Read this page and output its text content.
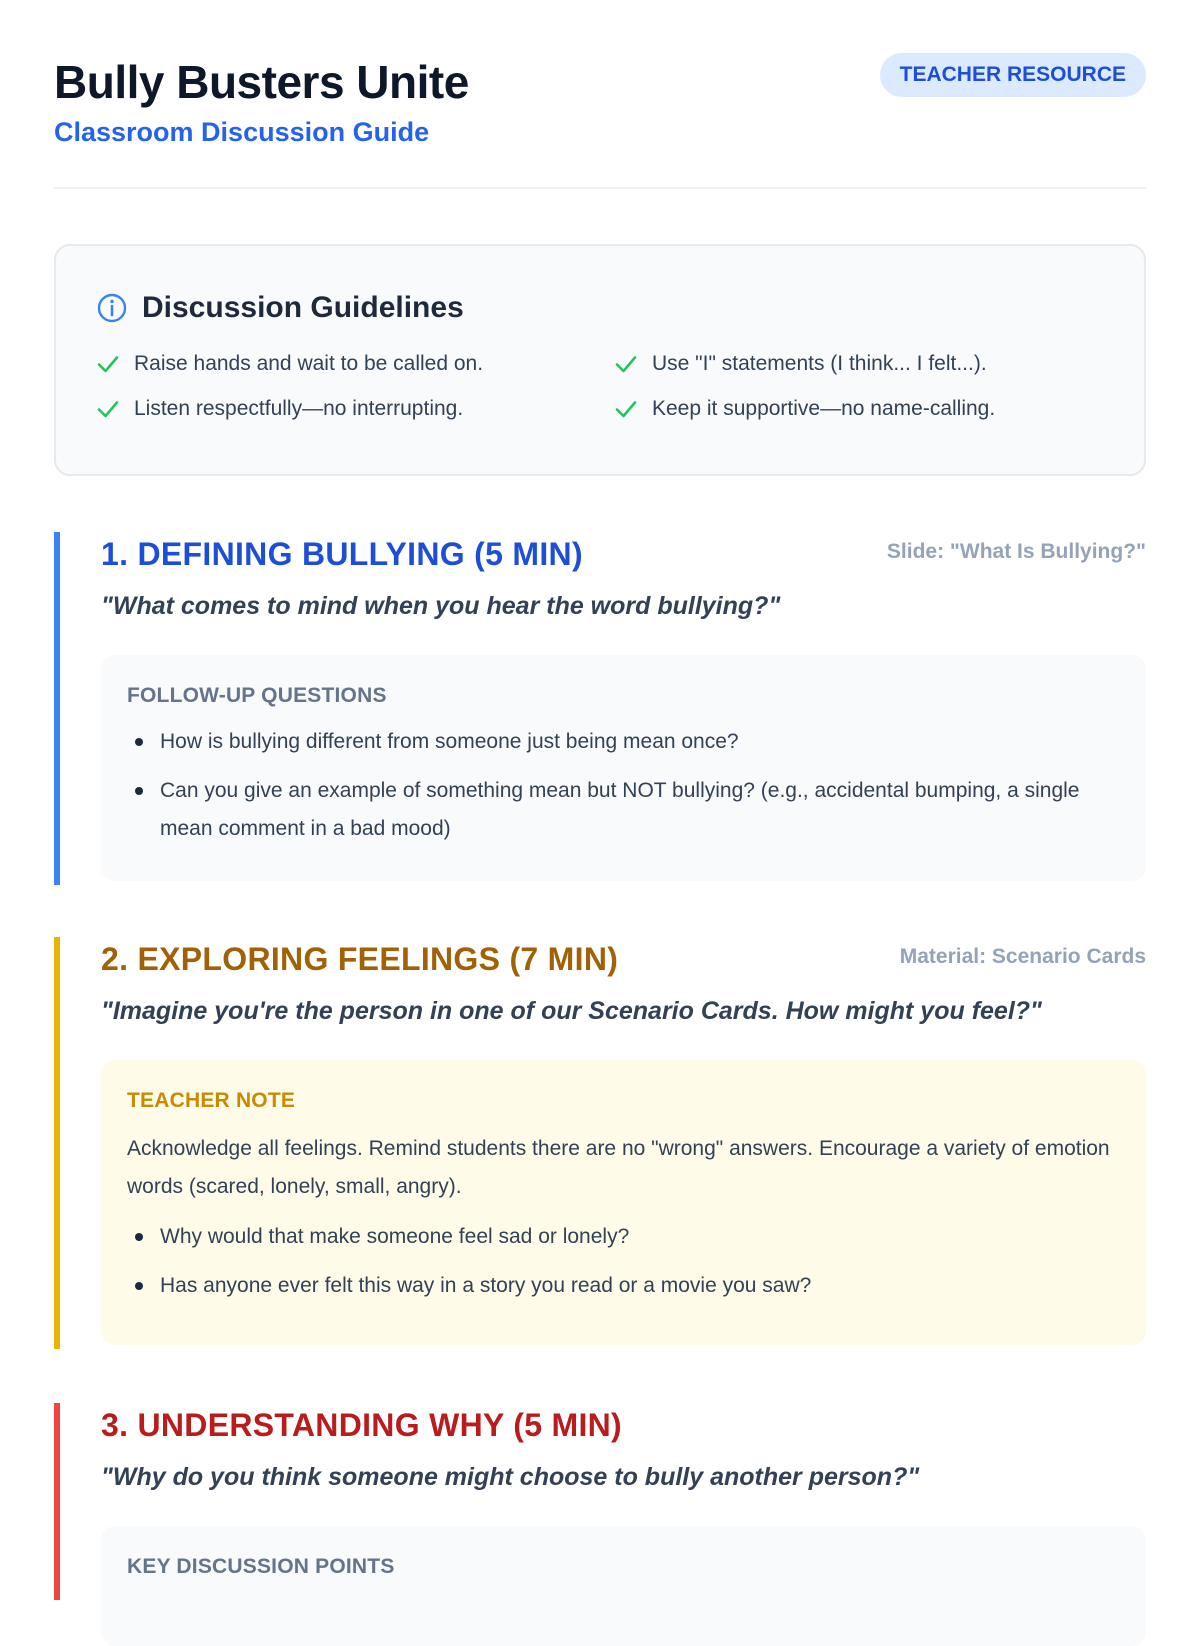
Bully Busters Unite
Classroom Discussion Guide
TEACHER RESOURCE
Discussion Guidelines
Raise hands and wait to be called on.	Use "I" statements (I think... I felt...).
Listen respectfully—no interrupting.	Keep it supportive—no name-calling.
1. DEFINING BULLYING (5 MIN)	Slide: "What Is Bullying?"
"What comes to mind when you hear the word bullying?"
FOLLOW-UP QUESTIONS
How is bullying different from someone just being mean once?
Can you give an example of something mean but NOT bullying? (e.g., accidental bumping, a single mean comment in a bad mood)
2. EXPLORING FEELINGS (7 MIN)	Material: Scenario Cards
"Imagine you're the person in one of our Scenario Cards. How might you feel?"
TEACHER NOTE
Acknowledge all feelings. Remind students there are no "wrong" answers. Encourage a variety of emotion words (scared, lonely, small, angry).
Why would that make someone feel sad or lonely?
Has anyone ever felt this way in a story you read or a movie you saw?
3. UNDERSTANDING WHY (5 MIN)
"Why do you think someone might choose to bully another person?"
KEY DISCUSSION POINTS
